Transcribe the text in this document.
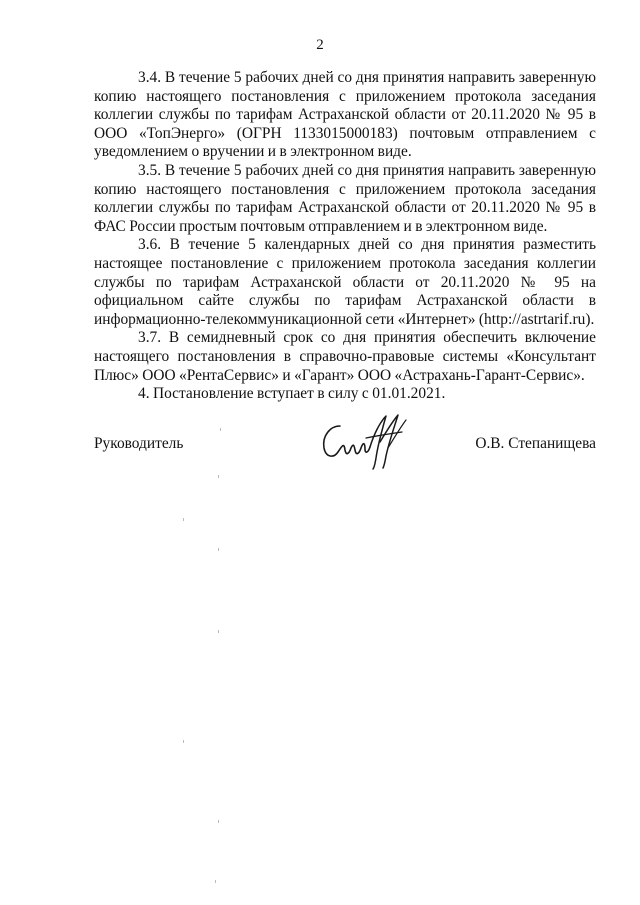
2

3.4. В течение 5 рабочих дней со дня принятия направить заверенную копию настоящего постановления с приложением протокола заседания коллегии службы по тарифам Астраханской области от 20.11.2020 № 95 в ООО «ТопЭнерго» (ОГРН 1133015000183) почтовым отправлением с уведомлением о вручении и в электронном виде.

3.5. В течение 5 рабочих дней со дня принятия направить заверенную копию настоящего постановления с приложением протокола заседания коллегии службы по тарифам Астраханской области от 20.11.2020 № 95 в ФАС России простым почтовым отправлением и в электронном виде.

3.6. В течение 5 календарных дней со дня принятия разместить настоящее постановление с приложением протокола заседания коллегии службы по тарифам Астраханской области от 20.11.2020 № 95 на официальном сайте службы по тарифам Астраханской области в информационно-телекоммуникационной сети «Интернет» (http://astrtarif.ru).

3.7. В семидневный срок со дня принятия обеспечить включение настоящего постановления в справочно-правовые системы «Консультант Плюс» ООО «РентаСервис» и «Гарант» ООО «Астрахань-Гарант-Сервис».

4. Постановление вступает в силу с 01.01.2021.

Руководитель	О.В. Степанищева
